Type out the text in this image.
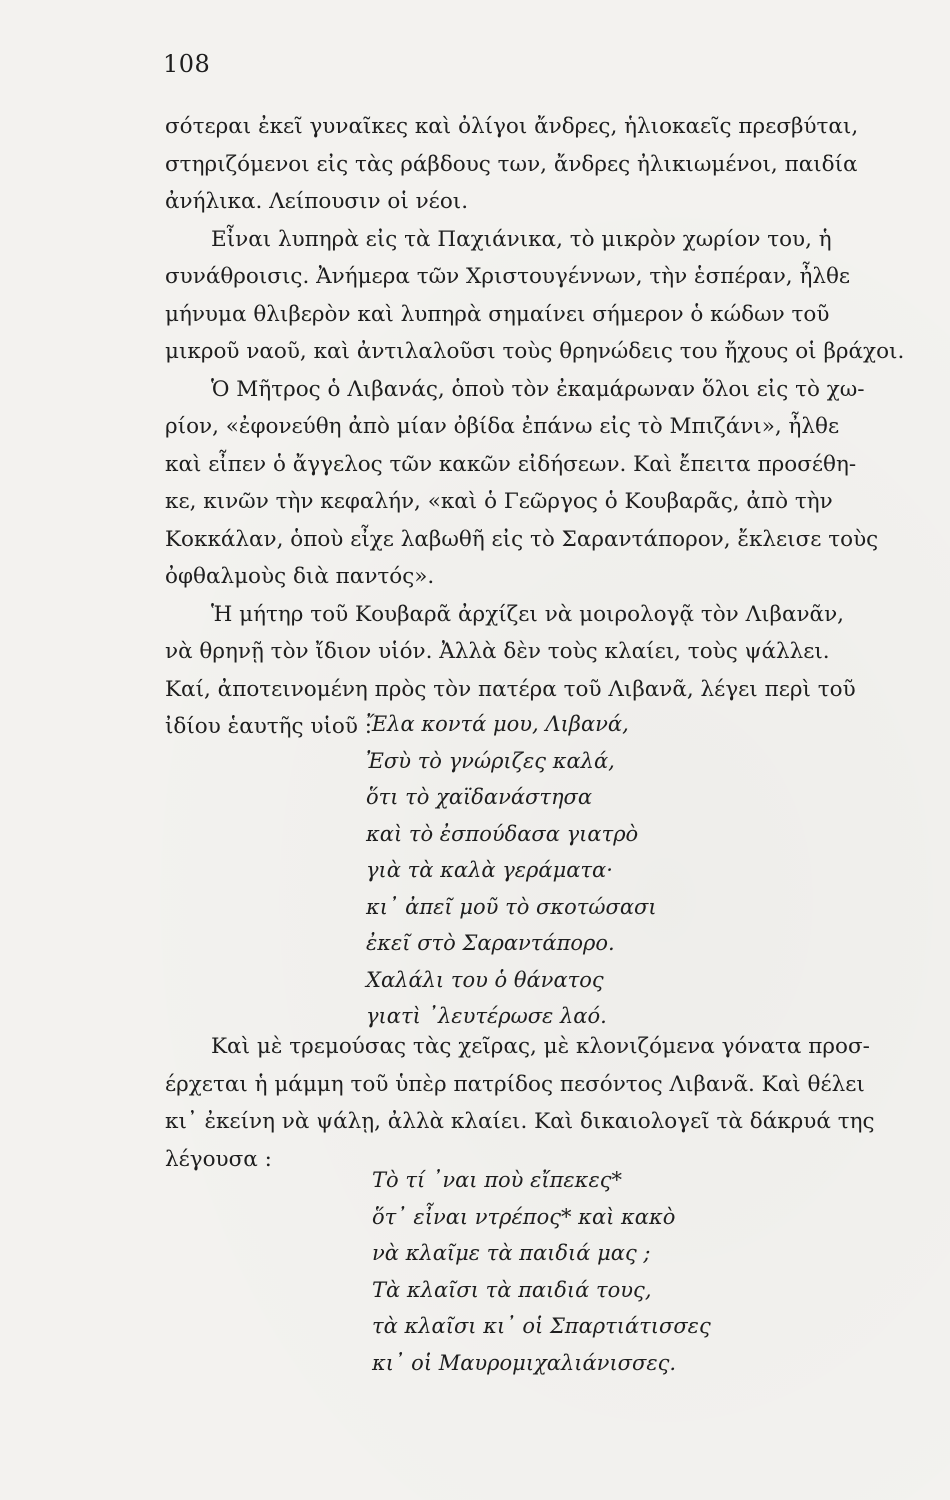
108
σότεραι ἐκεῖ γυναῖκες καὶ ὀλίγοι ἄνδρες, ἡλιοκαεῖς πρεσβύται,
στηριζόμενοι εἰς τὰς ράβδους των, ἄνδρες ἠλικιωμένοι, παιδία
ἀνήλικα. Λείπουσιν οἱ νέοι.
Εἶναι λυπηρὰ εἰς τὰ Παχιάνικα, τὸ μικρὸν χωρίον του, ἡ
συνάθροισις. Ἀνήμερα τῶν Χριστουγέννων, τὴν ἑσπέραν, ἦλθε
μήνυμα θλιβερὸν καὶ λυπηρὰ σημαίνει σήμερον ὁ κώδων τοῦ
μικροῦ ναοῦ, καὶ ἀντιλαλοῦσι τοὺς θρηνώδεις του ἤχους οἱ βράχοι.
Ὁ Μῆτρος ὁ Λιβανάς, ὁποὺ τὸν ἐκαμάρωναν ὅλοι εἰς τὸ χω-
ρίον, «ἐφονεύθη ἀπὸ μίαν ὀβίδα ἐπάνω εἰς τὸ Μπιζάνι», ἦλθε
καὶ εἶπεν ὁ ἄγγελος τῶν κακῶν εἰδήσεων. Καὶ ἔπειτα προσέθη-
κε, κινῶν τὴν κεφαλήν, «καὶ ὁ Γεῶργος ὁ Κουβαρᾶς, ἀπὸ τὴν
Κοκκάλαν, ὁποὺ εἶχε λαβωθῆ εἰς τὸ Σαραντάπορον, ἔκλεισε τοὺς
ὀφθαλμοὺς διὰ παντός».
Ἡ μήτηρ τοῦ Κουβαρᾶ ἀρχίζει νὰ μοιρολογᾷ τὸν Λιβανᾶν,
νὰ θρηνῇ τὸν ἴδιον υἱόν. Ἀλλὰ δὲν τοὺς κλαίει, τοὺς ψάλλει.
Καί, ἀποτεινομένη πρὸς τὸν πατέρα τοῦ Λιβανᾶ, λέγει περὶ τοῦ
ἰδίου ἑαυτῆς υἱοῦ :
Ἔλα κοντά μου, Λιβανά,
Ἐσὺ τὸ γνώριζες καλά,
ὅτι τὸ χαϊδανάστησα
καὶ τὸ ἐσπούδασα γιατρὸ
γιὰ τὰ καλὰ γεράματα·
κι᾿ ἀπεῖ μοῦ τὸ σκοτώσασι
ἐκεῖ στὸ Σαραντάπορο.
Χαλάλι του ὁ θάνατος
γιατὶ ᾿λευτέρωσε λαό.
Καὶ μὲ τρεμούσας τὰς χεῖρας, μὲ κλονιζόμενα γόνατα προσ-
έρχεται ἡ μάμμη τοῦ ὑπὲρ πατρίδος πεσόντος Λιβανᾶ. Καὶ θέλει
κι᾿ ἐκείνη νὰ ψάλῃ, ἀλλὰ κλαίει. Καὶ δικαιολογεῖ τὰ δάκρυά της
λέγουσα :
Τὸ τί ᾿ναι ποὺ εἴπεκες*
ὅτ᾿ εἶναι ντρέπος* καὶ κακὸ
νὰ κλαῖμε τὰ παιδιά μας ;
Τὰ κλαῖσι τὰ παιδιά τους,
τὰ κλαῖσι κι᾿ οἱ Σπαρτιάτισσες
κι᾿ οἱ Μαυρομιχαλιάνισσες.
